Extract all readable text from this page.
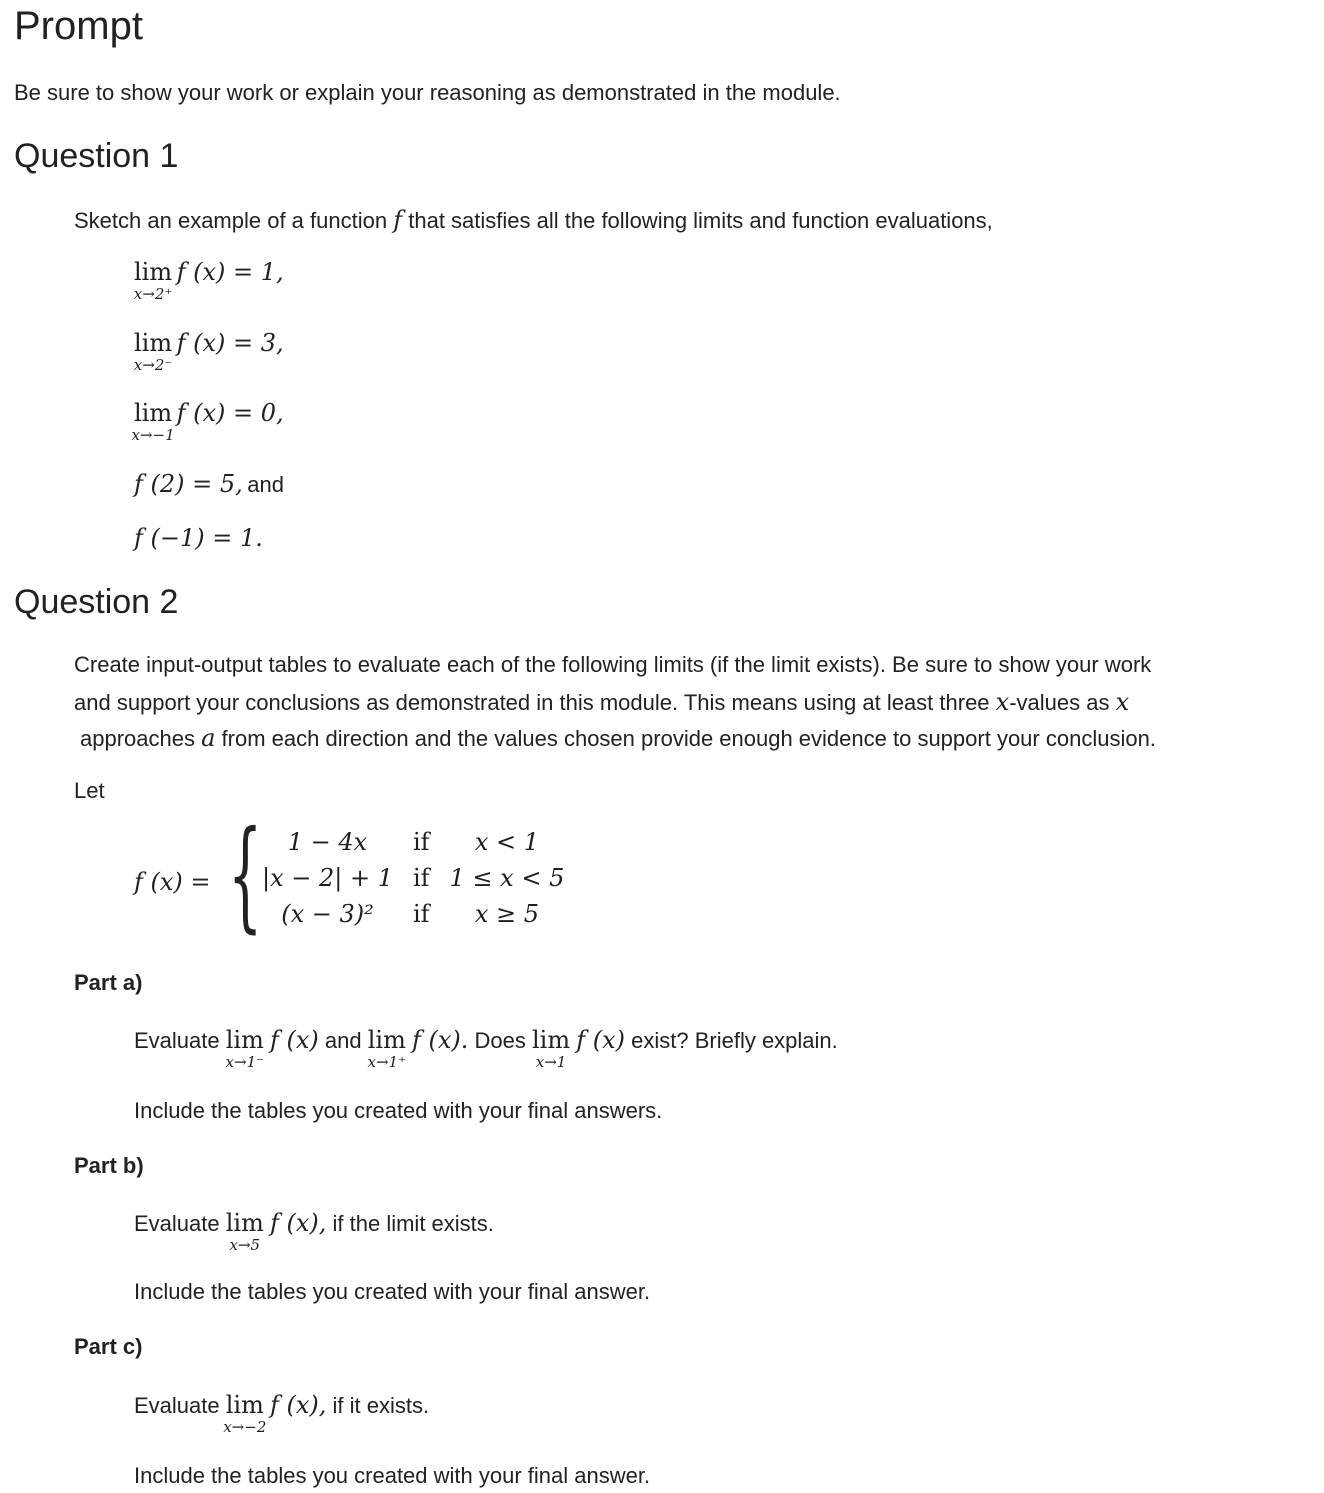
Prompt
Be sure to show your work or explain your reasoning as demonstrated in the module.
Question 1
Sketch an example of a function f that satisfies all the following limits and function evaluations,
lim
x→2⁺
f (x) = 1,
lim
x→2⁻
f (x) = 3,
lim
x→−1
f (x) = 0,
f (2) = 5, and
f (−1) = 1.
Question 2
Create input-output tables to evaluate each of the following limits (if the limit exists). Be sure to show your work
and support your conclusions as demonstrated in this module. This means using at least three x-values as x
approaches a from each direction and the values chosen provide enough evidence to support your conclusion.
Let
f (x) = { 1 − 4x	if	x < 1
|x − 2| + 1	if	1 ≤ x < 5
(x − 3)²	if	x ≥ 5
Part a)
Evaluate lim
x→1⁻
f (x) and lim
x→1⁺
f (x). Does lim
x→1
f (x) exist? Briefly explain.
Include the tables you created with your final answers.
Part b)
Evaluate lim
x→5
f (x), if the limit exists.
Include the tables you created with your final answer.
Part c)
Evaluate lim
x→−2
f (x), if it exists.
Include the tables you created with your final answer.
